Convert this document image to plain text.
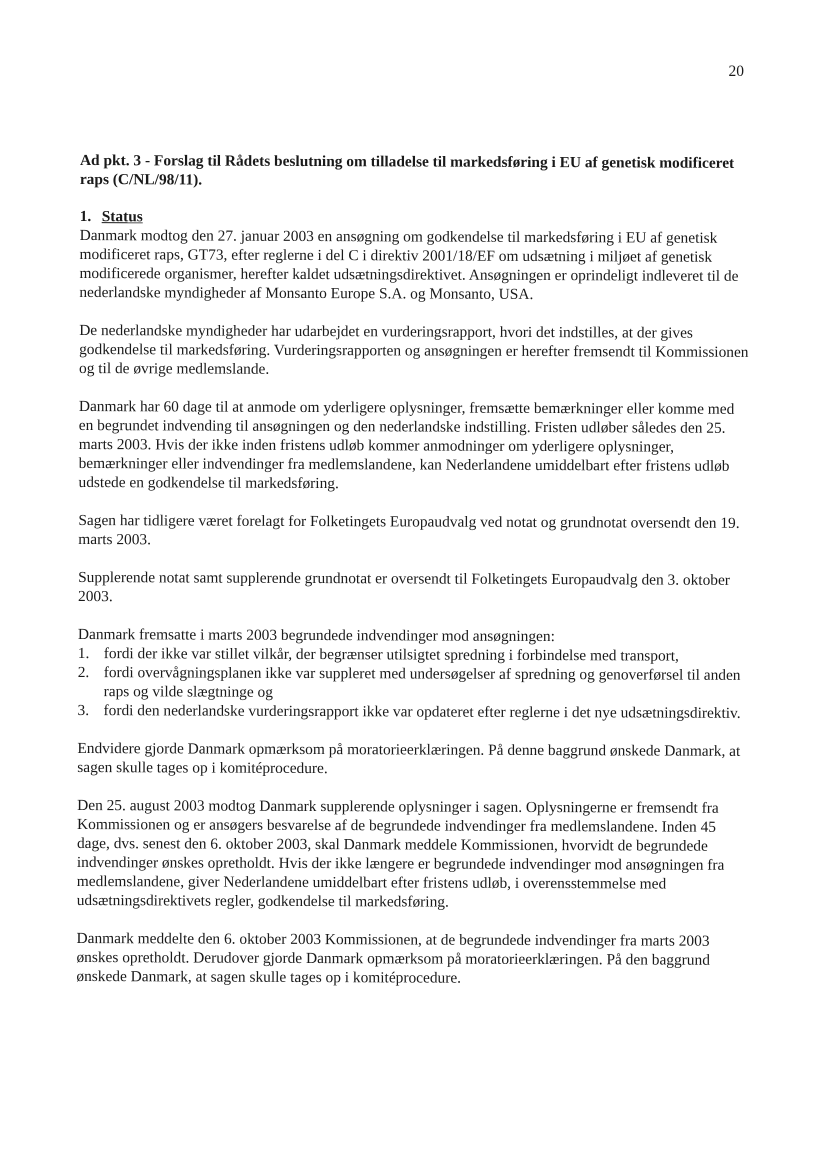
20
Ad pkt. 3 - Forslag til Rådets beslutning om tilladelse til markedsføring i EU af genetisk modificeret raps (C/NL/98/11).
1. Status

Danmark modtog den 27. januar 2003 en ansøgning om godkendelse til markedsføring i EU af genetisk modificeret raps, GT73, efter reglerne i del C i direktiv 2001/18/EF om udsætning i miljøet af genetisk modificerede organismer, herefter kaldet udsætningsdirektivet. Ansøgningen er oprindeligt indleveret til de nederlandske myndigheder af Monsanto Europe S.A. og Monsanto, USA.

De nederlandske myndigheder har udarbejdet en vurderingsrapport, hvori det indstilles, at der gives godkendelse til markedsføring. Vurderingsrapporten og ansøgningen er herefter fremsendt til Kommissionen og til de øvrige medlemslande.

Danmark har 60 dage til at anmode om yderligere oplysninger, fremsætte bemærkninger eller komme med en begrundet indvending til ansøgningen og den nederlandske indstilling. Fristen udløber således den 25. marts 2003. Hvis der ikke inden fristens udløb kommer anmodninger om yderligere oplysninger, bemærkninger eller indvendinger fra medlemslandene, kan Nederlandene umiddelbart efter fristens udløb udstede en godkendelse til markedsføring.

Sagen har tidligere været forelagt for Folketingets Europaudvalg ved notat og grundnotat oversendt den 19. marts 2003.

Supplerende notat samt supplerende grundnotat er oversendt til Folketingets Europaudvalg den 3. oktober 2003.

Danmark fremsatte i marts 2003 begrundede indvendinger mod ansøgningen:

1. fordi der ikke var stillet vilkår, der begrænser utilsigtet spredning i forbindelse med transport,
2. fordi overvågningsplanen ikke var suppleret med undersøgelser af spredning og genoverførsel til anden raps og vilde slægtninge og
3. fordi den nederlandske vurderingsrapport ikke var opdateret efter reglerne i det nye udsætningsdirektiv.

Endvidere gjorde Danmark opmærksom på moratorieerklæringen. På denne baggrund ønskede Danmark, at sagen skulle tages op i komitéprocedure.

Den 25. august 2003 modtog Danmark supplerende oplysninger i sagen. Oplysningerne er fremsendt fra Kommissionen og er ansøgers besvarelse af de begrundede indvendinger fra medlemslandene. Inden 45 dage, dvs. senest den 6. oktober 2003, skal Danmark meddele Kommissionen, hvorvidt de begrundede indvendinger ønskes opretholdt. Hvis der ikke længere er begrundede indvendinger mod ansøgningen fra medlemslandene, giver Nederlandene umiddelbart efter fristens udløb, i overensstemmelse med udsætningsdirektivets regler, godkendelse til markedsføring.

Danmark meddelte den 6. oktober 2003 Kommissionen, at de begrundede indvendinger fra marts 2003 ønskes opretholdt. Derudover gjorde Danmark opmærksom på moratorieerklæringen. På den baggrund ønskede Danmark, at sagen skulle tages op i komitéprocedure.
